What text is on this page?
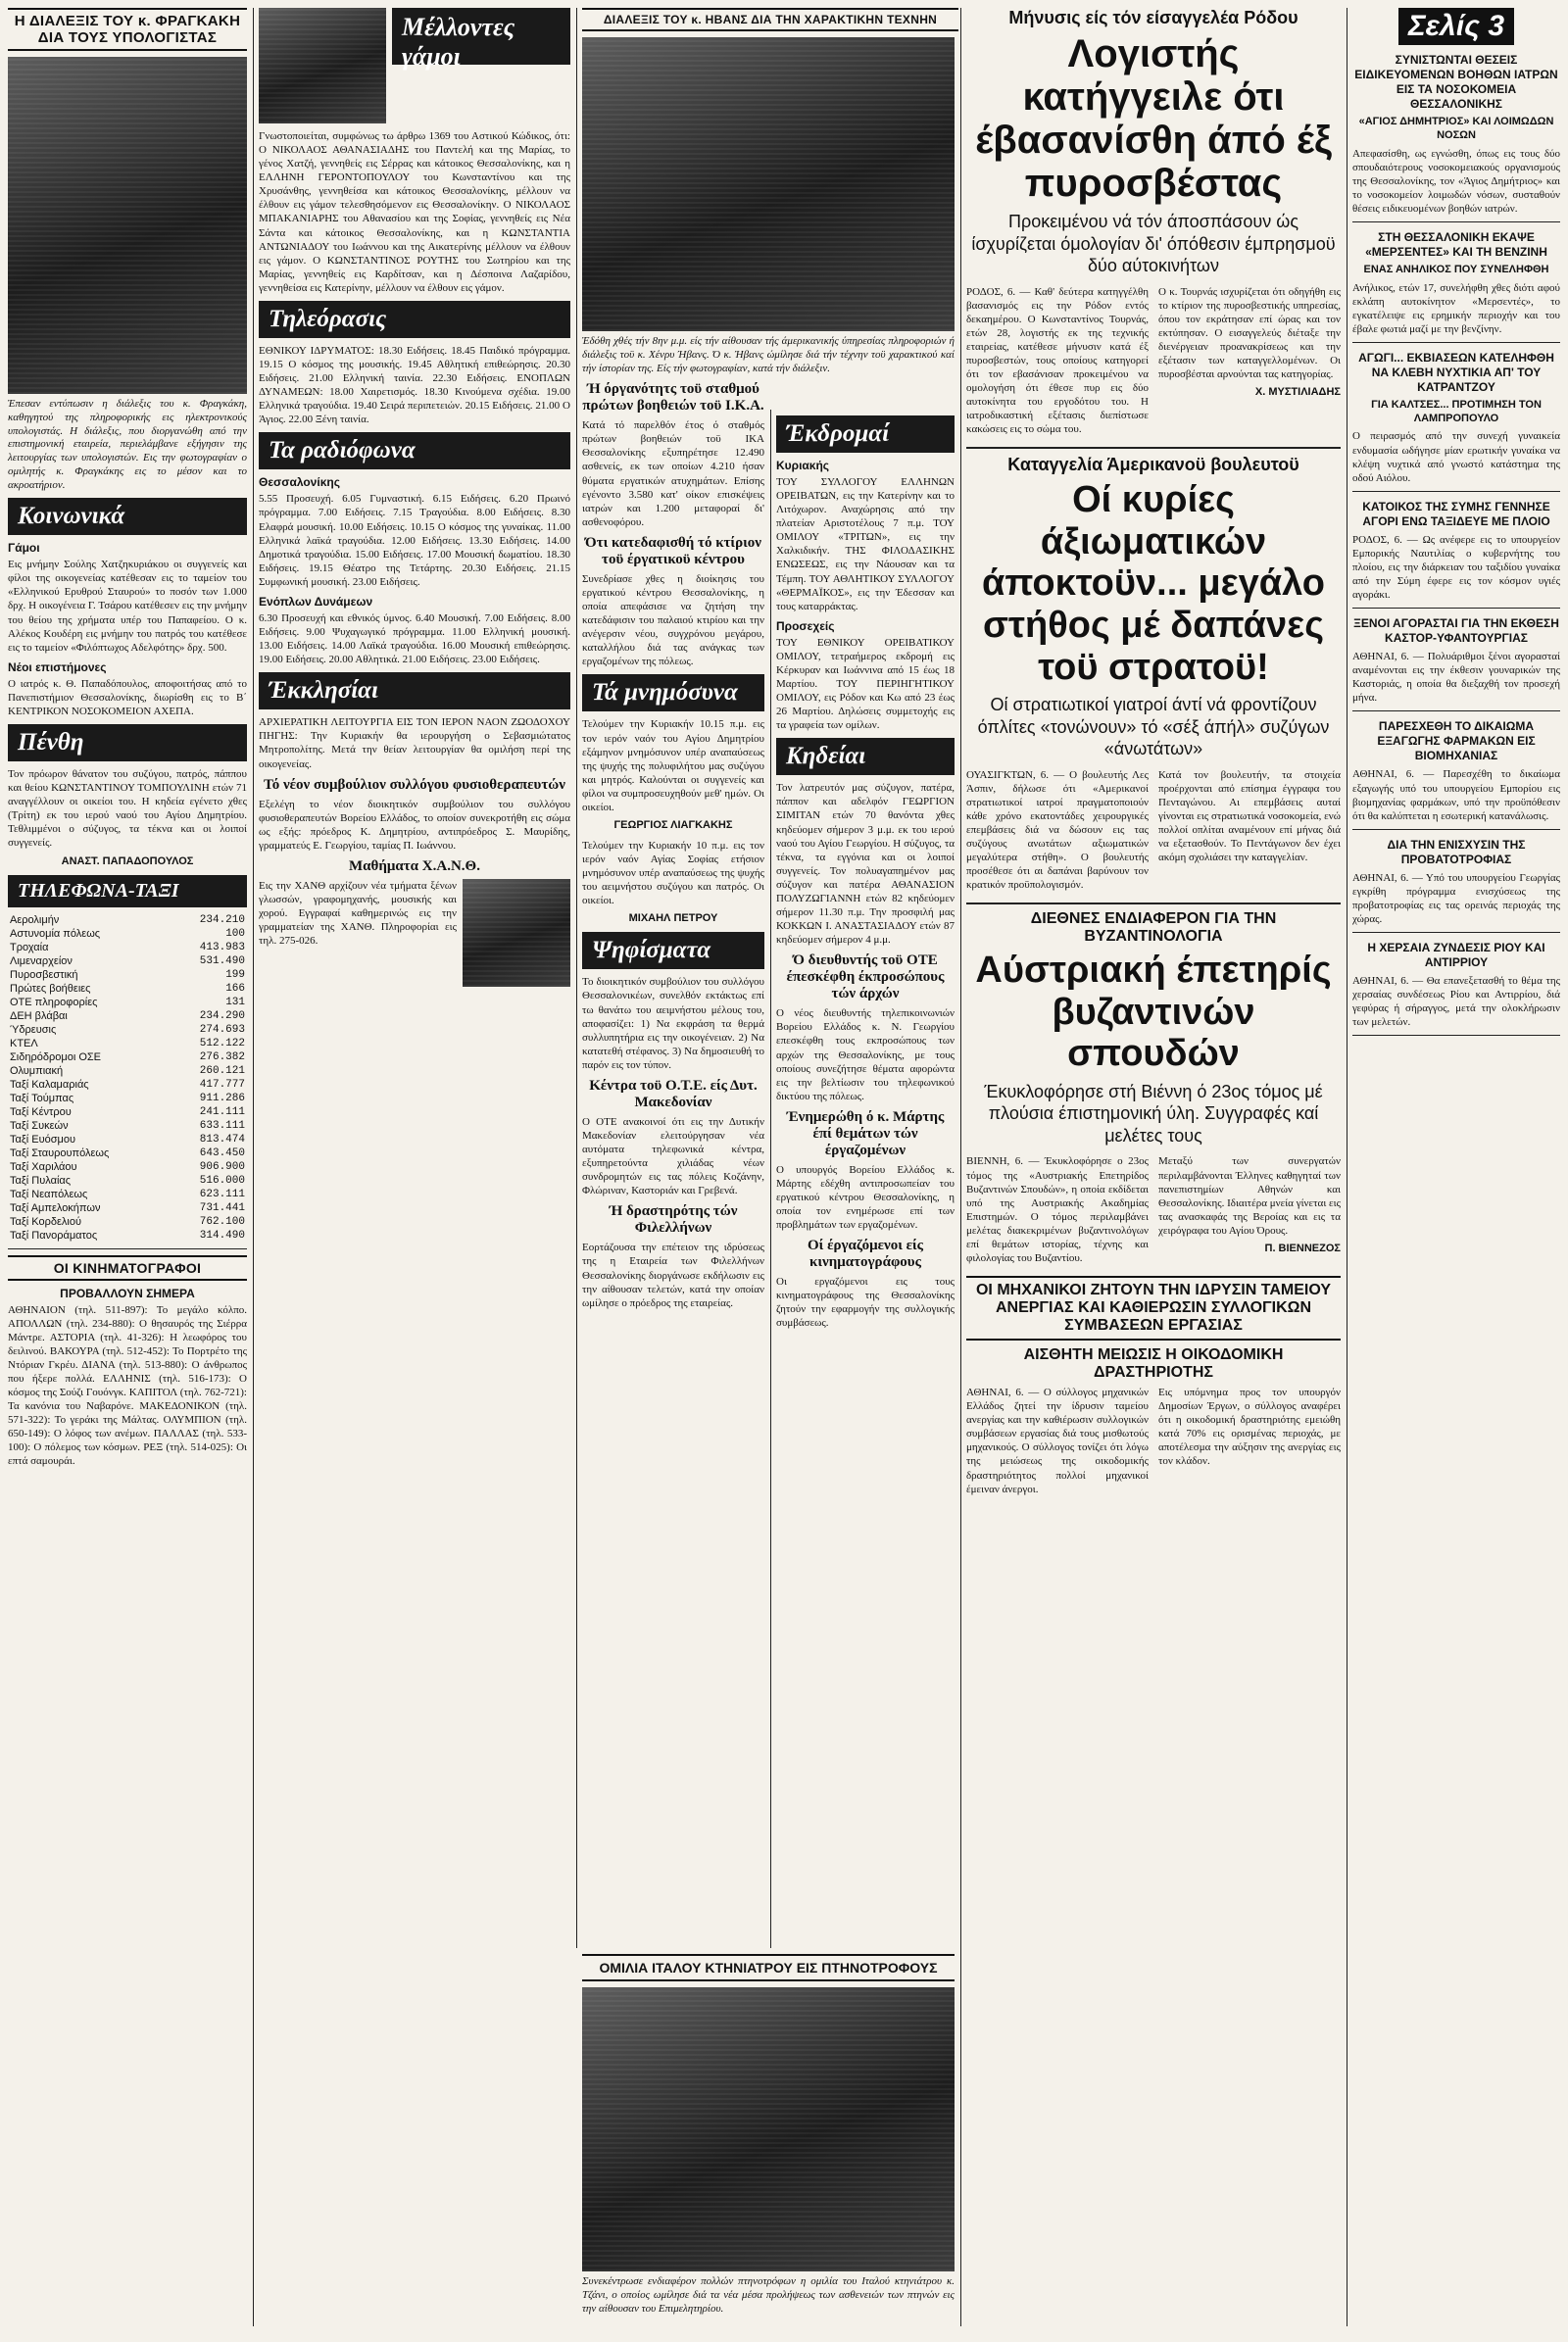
Η ΔΙΑΛΕΞΙΣ ΤΟΥ κ. ΦΡΑΓΚΑΚΗ ΔΙΑ ΤΟΥΣ ΥΠΟΛΟΓΙΣΤΑΣ

Έπεσαν εντύπωσιν η διάλεξις του κ. Φραγκάκη, καθηγητού της πληροφορικής εις ηλεκτρονικούς υπολογιστάς. Η διάλεξις, που διοργανώθη από την επιστημονική εταιρεία, περιελάμβανε εξήγησιν της λειτουργίας των υπολογιστών. Εις την φωτογραφίαν ο ομιλητής κ. Φραγκάκης εις το μέσον και το ακροατήριον.

Κοινωνικά
Γάμοι

Εις μνήμην Σούλης Χατζηκυριάκου οι συγγενείς και φίλοι της οικογενείας κατέθεσαν εις το ταμείον του «Ελληνικού Ερυθρού Σταυρού» το ποσόν των 1.000 δρχ. Η οικογένεια Γ. Τσάρου κατέθεσεν εις την μνήμην του θείου της χρήματα υπέρ του Παπαφείου. Ο κ. Αλέκος Κουδέρη εις μνήμην του πατρός του κατέθεσε εις το ταμείον «Φιλόπτωχος Αδελφότης» δρχ. 500.

Νέοι επιστήμονες

Ο ιατρός κ. Θ. Παπαδόπουλος, αποφοιτήσας από το Πανεπιστήμιον Θεσσαλονίκης, διωρίσθη εις το Β΄ ΚΕΝΤΡΙΚΟΝ ΝΟΣΟΚΟΜΕΙΟΝ ΑΧΕΠΑ.

Πένθη

Τον πρόωρον θάνατον του συζύγου, πατρός, πάππου και θείου ΚΩΝΣΤΑΝΤΙΝΟΥ ΤΟΜΠΟΥΛΙΝΗ ετών 71 αναγγέλλουν οι οικείοι του. Η κηδεία εγένετο χθες (Τρίτη) εκ του ιερού ναού του Αγίου Δημητρίου. Τεθλιμμένοι ο σύζυγος, τα τέκνα και οι λοιποί συγγενείς.

ΑΝΑΣΤ. ΠΑΠΑΔΟΠΟΥΛΟΣ
ΤΗΛΕΦΩΝΑ-ΤΑΞΙ
Αερολιμήν	234.210
Αστυνομία πόλεως	100
Τροχαία	413.983
Λιμεναρχείον	531.490
Πυροσβεστική	199
Πρώτες βοήθειες	166
ΟΤΕ πληροφορίες	131
ΔΕΗ βλάβαι	234.290
Ύδρευσις	274.693
ΚΤΕΛ	512.122
Σιδηρόδρομοι ΟΣΕ	276.382
Ολυμπιακή	260.121
Ταξί Καλαμαριάς	417.777
Ταξί Τούμπας	911.286
Ταξί Κέντρου	241.111
Ταξί Συκεών	633.111
Ταξί Ευόσμου	813.474
Ταξί Σταυρουπόλεως	643.450
Ταξί Χαριλάου	906.900
Ταξί Πυλαίας	516.000
Ταξί Νεαπόλεως	623.111
Ταξί Αμπελοκήπων	731.441
Ταξί Κορδελιού	762.100
Ταξί Πανοράματος	314.490
ΟΙ ΚΙΝΗΜΑΤΟΓΡΑΦΟΙ
ΠΡΟΒΑΛΛΟΥΝ ΣΗΜΕΡΑ

ΑΘΗΝΑΙΟΝ (τηλ. 511-897): Το μεγάλο κόλπο. ΑΠΟΛΛΩΝ (τηλ. 234-880): Ο θησαυρός της Σιέρρα Μάντρε. ΑΣΤΟΡΙΑ (τηλ. 41-326): Η λεωφόρος του δειλινού. ΒΑΚΟΥΡΑ (τηλ. 512-452): Το Πορτρέτο της Ντόριαν Γκρέυ. ΔΙΑΝΑ (τηλ. 513-880): Ο άνθρωπος που ήξερε πολλά. ΕΛΛΗΝΙΣ (τηλ. 516-173): Ο κόσμος της Σούζι Γουόνγκ. ΚΑΠΙΤΟΛ (τηλ. 762-721): Τα κανόνια του Ναβαρόνε. ΜΑΚΕΔΟΝΙΚΟΝ (τηλ. 571-322): Το γεράκι της Μάλτας. ΟΛΥΜΠΙΟΝ (τηλ. 650-149): Ο λόφος των ανέμων. ΠΑΛΛΑΣ (τηλ. 533-100): Ο πόλεμος των κόσμων. ΡΕΞ (τηλ. 514-025): Οι επτά σαμουράι.

Μέλλοντες γάμοι

Γνωστοποιείται, συμφώνως τω άρθρω 1369 του Αστικού Κώδικος, ότι: Ο ΝΙΚΟΛΑΟΣ ΑΘΑΝΑΣΙΑΔΗΣ του Παντελή και της Μαρίας, το γένος Χατζή, γεννηθείς εις Σέρρας και κάτοικος Θεσσαλονίκης, και η ΕΛΛΗΝΗ ΓΕΡΟΝΤΟΠΟΥΛΟΥ του Κωνσταντίνου και της Χρυσάνθης, γεννηθείσα και κάτοικος Θεσσαλονίκης, μέλλουν να έλθουν εις γάμον τελεσθησόμενον εις Θεσσαλονίκην. Ο ΝΙΚΟΛΑΟΣ ΜΠΑΚΑΝΙΑΡΗΣ του Αθανασίου και της Σοφίας, γεννηθείς εις Νέα Σάντα και κάτοικος Θεσσαλονίκης, και η ΚΩΝΣΤΑΝΤΙΑ ΑΝΤΩΝΙΑΔΟΥ του Ιωάννου και της Αικατερίνης μέλλουν να έλθουν εις γάμον. Ο ΚΩΝΣΤΑΝΤΙΝΟΣ ΡΟΥΤΗΣ του Σωτηρίου και της Μαρίας, γεννηθείς εις Καρδίτσαν, και η Δέσποινα Λαζαρίδου, γεννηθείσα εις Κατερίνην, μέλλουν να έλθουν εις γάμον.

Τηλεόρασις

ΕΘΝΙΚΟΥ ΙΔΡΥΜΑΤΟΣ: 18.30 Ειδήσεις. 18.45 Παιδικό πρόγραμμα. 19.15 Ο κόσμος της μουσικής. 19.45 Αθλητική επιθεώρησις. 20.30 Ειδήσεις. 21.00 Ελληνική ταινία. 22.30 Ειδήσεις. ΕΝΟΠΛΩΝ ΔΥΝΑΜΕΩΝ: 18.00 Χαιρετισμός. 18.30 Κινούμενα σχέδια. 19.00 Ελληνικά τραγούδια. 19.40 Σειρά περιπετειών. 20.15 Ειδήσεις. 21.00 Ο Άγιος. 22.00 Ξένη ταινία.

Τα ραδιόφωνα
Θεσσαλονίκης

5.55 Προσευχή. 6.05 Γυμναστική. 6.15 Ειδήσεις. 6.20 Πρωινό πρόγραμμα. 7.00 Ειδήσεις. 7.15 Τραγούδια. 8.00 Ειδήσεις. 8.30 Ελαφρά μουσική. 10.00 Ειδήσεις. 10.15 Ο κόσμος της γυναίκας. 11.00 Ελληνικά λαϊκά τραγούδια. 12.00 Ειδήσεις. 13.30 Ειδήσεις. 14.00 Δημοτικά τραγούδια. 15.00 Ειδήσεις. 17.00 Μουσική δωματίου. 18.30 Ειδήσεις. 19.15 Θέατρο της Τετάρτης. 20.30 Ειδήσεις. 21.15 Συμφωνική μουσική. 23.00 Ειδήσεις.

Ενόπλων Δυνάμεων

6.30 Προσευχή και εθνικός ύμνος. 6.40 Μουσική. 7.00 Ειδήσεις. 8.00 Ειδήσεις. 9.00 Ψυχαγωγικό πρόγραμμα. 11.00 Ελληνική μουσική. 13.00 Ειδήσεις. 14.00 Λαϊκά τραγούδια. 16.00 Μουσική επιθεώρησις. 19.00 Ειδήσεις. 20.00 Αθλητικά. 21.00 Ειδήσεις. 23.00 Ειδήσεις.

Έκκλησίαι

ΑΡΧΙΕΡΑΤΙΚΗ ΛΕΙΤΟΥΡΓΙΑ ΕΙΣ ΤΟΝ ΙΕΡΟΝ ΝΑΟΝ ΖΩΟΔΟΧΟΥ ΠΗΓΗΣ: Την Κυριακήν θα ιερουργήση ο Σεβασμιώτατος Μητροπολίτης. Μετά την θείαν λειτουργίαν θα ομιλήση περί της οικογενείας.

Τό νέον συμβούλιον συλλόγου φυσιοθεραπευτών

Εξελέγη το νέον διοικητικόν συμβούλιον του συλλόγου φυσιοθεραπευτών Βορείου Ελλάδος, το οποίον συνεκροτήθη εις σώμα ως εξής: πρόεδρος Κ. Δημητρίου, αντιπρόεδρος Σ. Μαυρίδης, γραμματεύς Ε. Γεωργίου, ταμίας Π. Ιωάννου.

Μαθήματα Χ.Α.Ν.Θ.

Εις την ΧΑΝΘ αρχίζουν νέα τμήματα ξένων γλωσσών, γραφομηχανής, μουσικής και χορού. Εγγραφαί καθημερινώς εις την γραμματείαν της ΧΑΝΘ. Πληροφορίαι εις τηλ. 275-026.

ΔΙΑΛΕΞΙΣ ΤΟΥ κ. ΗΒΑΝΣ ΔΙΑ ΤΗΝ ΧΑΡΑΚΤΙΚΗΝ ΤΕΧΝΗΝ

Έδόθη χθές τήν 8ην μ.μ. είς τήν αίθουσαν τής άμερικανικής ύπηρεσίας πληροφοριών ή διάλεξις τοϋ κ. Χένρυ Ήβανς. Ό κ. Ήβανς ώμίλησε διά τήν τέχνην τοϋ χαρακτικού καί τήν ίστορίαν της. Είς τήν φωτογραφίαν, κατά τήν διάλεξιν.

Ή όργανότητς τοϋ σταθμού πρώτων βοηθειών τοϋ Ι.Κ.Α.

Κατά τό παρελθόν έτος ό σταθμός πρώτων βοηθειών τοϋ ΙΚΑ Θεσσαλονίκης εξυπηρέτησε 12.490 ασθενείς, εκ των οποίων 4.210 ήσαν θύματα εργατικών ατυχημάτων. Επίσης εγένοντο 3.580 κατ' οίκον επισκέψεις ιατρών και 1.200 μεταφοραί δι' ασθενοφόρου.

Ότι κατεδαφισθή τό κτίριον τοϋ έργατικοϋ κέντρου

Συνεδρίασε χθες η διοίκησις του εργατικού κέντρου Θεσσαλονίκης, η οποία απεφάσισε να ζητήση την κατεδάφισιν του παλαιού κτιρίου και την ανέγερσιν νέου, συγχρόνου μεγάρου, καταλλήλου διά τας ανάγκας των εργαζομένων της πόλεως.

Τά μνημόσυνα

Τελούμεν την Κυριακήν 10.15 π.μ. εις τον ιερόν ναόν του Αγίου Δημητρίου εξάμηνον μνημόσυνον υπέρ αναπαύσεως της ψυχής της πολυφιλήτου μας συζύγου και μητρός. Καλούνται οι συγγενείς και φίλοι να συμπροσευχηθούν μεθ' ημών. Οι οικείοι.

ΓΕΩΡΓΙΟΣ ΛΙΑΓΚΑΚΗΣ

Τελούμεν την Κυριακήν 10 π.μ. εις τον ιερόν ναόν Αγίας Σοφίας ετήσιον μνημόσυνον υπέρ αναπαύσεως της ψυχής του αειμνήστου συζύγου και πατρός. Οι οικείοι.

ΜΙΧΑΗΛ ΠΕΤΡΟΥ
Ψηφίσματα

Το διοικητικόν συμβούλιον του συλλόγου Θεσσαλονικέων, συνελθόν εκτάκτως επί τω θανάτω του αειμνήστου μέλους του, αποφασίζει: 1) Να εκφράση τα θερμά συλλυπητήρια εις την οικογένειαν. 2) Να κατατεθή στέφανος. 3) Να δημοσιευθή το παρόν εις τον τύπον.

Κέντρα τοϋ Ο.Τ.Ε. είς Δυτ. Μακεδονίαν

Ο ΟΤΕ ανακοινοί ότι εις την Δυτικήν Μακεδονίαν ελειτούργησαν νέα αυτόματα τηλεφωνικά κέντρα, εξυπηρετούντα χιλιάδας νέων συνδρομητών εις τας πόλεις Κοζάνην, Φλώριναν, Καστοριάν και Γρεβενά.

Ή δραστηρότης τών Φιλελλήνων

Εορτάζουσα την επέτειον της ιδρύσεως της η Εταιρεία των Φιλελλήνων Θεσσαλονίκης διοργάνωσε εκδήλωσιν εις την αίθουσαν τελετών, κατά την οποίαν ωμίλησε ο πρόεδρος της εταιρείας.

Έκδρομαί
Κυριακής

ΤΟΥ ΣΥΛΛΟΓΟΥ ΕΛΛΗΝΩΝ ΟΡΕΙΒΑΤΩΝ, εις την Κατερίνην και το Λιτόχωρον. Αναχώρησις από την πλατείαν Αριστοτέλους 7 π.μ. ΤΟΥ ΟΜΙΛΟΥ «ΤΡΙΤΩΝ», εις την Χαλκιδικήν. ΤΗΣ ΦΙΛΟΔΑΣΙΚΗΣ ΕΝΩΣΕΩΣ, εις την Νάουσαν και τα Τέμπη. ΤΟΥ ΑΘΛΗΤΙΚΟΥ ΣΥΛΛΟΓΟΥ «ΘΕΡΜΑΪΚΟΣ», εις την Έδεσσαν και τους καταρράκτας.

Προσεχείς

ΤΟΥ ΕΘΝΙΚΟΥ ΟΡΕΙΒΑΤΙΚΟΥ ΟΜΙΛΟΥ, τετραήμερος εκδρομή εις Κέρκυραν και Ιωάννινα από 15 έως 18 Μαρτίου. ΤΟΥ ΠΕΡΙΗΓΗΤΙΚΟΥ ΟΜΙΛΟΥ, εις Ρόδον και Κω από 23 έως 26 Μαρτίου. Δηλώσεις συμμετοχής εις τα γραφεία των ομίλων.

Κηδείαι

Τον λατρευτόν μας σύζυγον, πατέρα, πάππον και αδελφόν ΓΕΩΡΓΙΟΝ ΣΙΜΙΤΑΝ ετών 70 θανόντα χθες κηδεύομεν σήμερον 3 μ.μ. εκ του ιερού ναού του Αγίου Γεωργίου. Η σύζυγος, τα τέκνα, τα εγγόνια και οι λοιποί συγγενείς. Τον πολυαγαπημένον μας σύζυγον και πατέρα ΑΘΑΝΑΣΙΟΝ ΠΟΛΥΖΩΓΙΑΝΝΗ ετών 82 κηδεύομεν σήμερον 11.30 π.μ. Την προσφιλή μας ΚΟΚΚΩΝ Ι. ΑΝΑΣΤΑΣΙΑΔΟΥ ετών 87 κηδεύομεν σήμερον 4 μ.μ.

Ό διευθυντής τοϋ ΟΤΕ έπεσκέφθη έκπροσώπους τών άρχών

Ο νέος διευθυντής τηλεπικοινωνιών Βορείου Ελλάδος κ. Ν. Γεωργίου επεσκέφθη τους εκπροσώπους των αρχών της Θεσσαλονίκης, με τους οποίους συνεζήτησε θέματα αφορώντα εις την βελτίωσιν του τηλεφωνικού δικτύου της πόλεως.

Ένημερώθη ό κ. Μάρτης έπί θεμάτων τών έργαζομένων

Ο υπουργός Βορείου Ελλάδος κ. Μάρτης εδέχθη αντιπροσωπείαν του εργατικού κέντρου Θεσσαλονίκης, η οποία τον ενημέρωσε επί των προβλημάτων των εργαζομένων.

Οί έργαζόμενοι είς κινηματογράφους

Οι εργαζόμενοι εις τους κινηματογράφους της Θεσσαλονίκης ζητούν την εφαρμογήν της συλλογικής συμβάσεως.

ΟΜΙΛΙΑ ΙΤΑΛΟΥ ΚΤΗΝΙΑΤΡΟΥ ΕΙΣ ΠΤΗΝΟΤΡΟΦΟΥΣ

Συνεκέντρωσε ενδιαφέρον πολλών πτηνοτρόφων η ομιλία του Ιταλού κτηνιάτρου κ. Τζάνι, ο οποίος ωμίλησε διά τα νέα μέσα προλήψεως των ασθενειών των πτηνών εις την αίθουσαν του Επιμελητηρίου.

Μήνυσις είς τόν είσαγγελέα Ρόδου
Λογιστής κατήγγειλε ότι έβασανίσθη άπό έξ πυροσβέστας
Προκειμένου νά τόν άποσπάσουν ώς ίσχυρίζεται όμολογίαν δι' όπόθεσιν έμπρησμοϋ δύο αύτοκινήτων

ΡΟΔΟΣ, 6. — Καθ' δεύτερα κατηγγέλθη βασανισμός εις την Ρόδον εντός δεκαημέρου. Ο Κωνσταντίνος Τουρνάς, ετών 28, λογιστής εκ της τεχνικής εταιρείας, κατέθεσε μήνυσιν κατά έξ πυροσβεστών, τους οποίους κατηγορεί ότι τον εβασάνισαν προκειμένου να ομολογήση ότι έθεσε πυρ εις δύο αυτοκίνητα του εργοδότου του. Η ιατροδικαστική εξέτασις διεπίστωσε κακώσεις εις το σώμα του.

Ο κ. Τουρνάς ισχυρίζεται ότι οδηγήθη εις το κτίριον της πυροσβεστικής υπηρεσίας, όπου τον εκράτησαν επί ώρας και τον εκτύπησαν. Ο εισαγγελεύς διέταξε την διενέργειαν προανακρίσεως και την εξέτασιν των καταγγελλομένων. Οι πυροσβέσται αρνούνται τας κατηγορίας.

Χ. ΜΥΣΤΙΛΙΑΔΗΣ
Καταγγελία Άμερικανοϋ βουλευτοϋ
Οί κυρίες άξιωματικών άποκτοϋν... μεγάλο στήθος μέ δαπάνες τοϋ στρατοϋ!
Οί στρατιωτικοί γιατροί άντί νά φροντίζουν όπλίτες «τονώνουν» τό «σέξ άπήλ» συζύγων «άνωτάτων»

ΟΥΑΣΙΓΚΤΩΝ, 6. — Ο βουλευτής Λες Άσπιν, δήλωσε ότι «Αμερικανοί στρατιωτικοί ιατροί πραγματοποιούν κάθε χρόνο εκατοντάδες χειρουργικές επεμβάσεις διά να δώσουν εις τας συζύγους ανωτάτων αξιωματικών μεγαλύτερα στήθη». Ο βουλευτής προσέθεσε ότι αι δαπάναι βαρύνουν τον κρατικόν προϋπολογισμόν.

Κατά τον βουλευτήν, τα στοιχεία προέρχονται από επίσημα έγγραφα του Πενταγώνου. Αι επεμβάσεις αυταί γίνονται εις στρατιωτικά νοσοκομεία, ενώ πολλοί οπλίται αναμένουν επί μήνας διά να εξετασθούν. Το Πεντάγωνον δεν έχει ακόμη σχολιάσει την καταγγελίαν.

ΔΙΕΘΝΕΣ ΕΝΔΙΑΦΕΡΟΝ ΓΙΑ ΤΗΝ ΒΥΖΑΝΤΙΝΟΛΟΓΙΑ
Αύστριακή έπετηρίς βυζαντινών σπουδών
Έκυκλοφόρησε στή Βιέννη ό 23ος τόμος μέ πλούσια έπιστημονική ύλη. Συγγραφές καί μελέτες τους

ΒΙΕΝΝΗ, 6. — Έκυκλοφόρησε ο 23ος τόμος της «Αυστριακής Επετηρίδος Βυζαντινών Σπουδών», η οποία εκδίδεται υπό της Αυστριακής Ακαδημίας Επιστημών. Ο τόμος περιλαμβάνει μελέτας διακεκριμένων βυζαντινολόγων επί θεμάτων ιστορίας, τέχνης και φιλολογίας του Βυζαντίου.

Μεταξύ των συνεργατών περιλαμβάνονται Έλληνες καθηγηταί των πανεπιστημίων Αθηνών και Θεσσαλονίκης. Ιδιαιτέρα μνεία γίνεται εις τας ανασκαφάς της Βεροίας και εις τα χειρόγραφα του Αγίου Όρους.

Π. ΒΙΕΝΝΕΖΟΣ
ΟΙ ΜΗΧΑΝΙΚΟΙ ΖΗΤΟΥΝ ΤΗΝ ΙΔΡΥΣΙΝ ΤΑΜΕΙΟΥ ΑΝΕΡΓΙΑΣ ΚΑΙ ΚΑΘΙΕΡΩΣΙΝ ΣΥΛΛΟΓΙΚΩΝ ΣΥΜΒΑΣΕΩΝ ΕΡΓΑΣΙΑΣ
ΑΙΣΘΗΤΗ ΜΕΙΩΣΙΣ Η ΟΙΚΟΔΟΜΙΚΗ ΔΡΑΣΤΗΡΙΟΤΗΣ

ΑΘΗΝΑΙ, 6. — Ο σύλλογος μηχανικών Ελλάδος ζητεί την ίδρυσιν ταμείου ανεργίας και την καθιέρωσιν συλλογικών συμβάσεων εργασίας διά τους μισθωτούς μηχανικούς. Ο σύλλογος τονίζει ότι λόγω της μειώσεως της οικοδομικής δραστηριότητος πολλοί μηχανικοί έμειναν άνεργοι.

Εις υπόμνημα προς τον υπουργόν Δημοσίων Έργων, ο σύλλογος αναφέρει ότι η οικοδομική δραστηριότης εμειώθη κατά 70% εις ορισμένας περιοχάς, με αποτέλεσμα την αύξησιν της ανεργίας εις τον κλάδον.

Σελίς 3
ΣΥΝΙΣΤΩΝΤΑΙ ΘΕΣΕΙΣ ΕΙΔΙΚΕΥΟΜΕΝΩΝ ΒΟΗΘΩΝ ΙΑΤΡΩΝ ΕΙΣ ΤΑ ΝΟΣΟΚΟΜΕΙΑ ΘΕΣΣΑΛΟΝΙΚΗΣ
«ΑΓΙΟΣ ΔΗΜΗΤΡΙΟΣ» ΚΑΙ ΛΟΙΜΩΔΩΝ ΝΟΣΩΝ

Απεφασίσθη, ως εγνώσθη, όπως εις τους δύο σπουδαιότερους νοσοκομειακούς οργανισμούς της Θεσσαλονίκης, τον «Άγιος Δημήτριος» και το νοσοκομείον λοιμωδών νόσων, συσταθούν θέσεις ειδικευομένων βοηθών ιατρών.

ΣΤΗ ΘΕΣΣΑΛΟΝΙΚΗ ΕΚΑΨΕ «ΜΕΡΣΕΝΤΕΣ» ΚΑΙ ΤΗ ΒΕΝΖΙΝΗ
ΕΝΑΣ ΑΝΗΛΙΚΟΣ ΠΟΥ ΣΥΝΕΛΗΦΘΗ

Ανήλικος, ετών 17, συνελήφθη χθες διότι αφού εκλάπη αυτοκίνητον «Μερσεντές», το εγκατέλειψε εις ερημικήν περιοχήν και του έβαλε φωτιά μαζί με την βενζίνην.

ΑΓΩΓΙ... ΕΚΒΙΑΣΕΩΝ ΚΑΤΕΛΗΦΘΗ ΝΑ ΚΛΕΒΗ ΝΥΧΤΙΚΙΑ ΑΠ' ΤΟΥ ΚΑΤΡΑΝΤΖΟΥ
ΓΙΑ ΚΑΛΤΣΕΣ... ΠΡΟΤΙΜΗΣΗ ΤΟΝ ΛΑΜΠΡΟΠΟΥΛΟ

Ο πειρασμός από την συνεχή γυναικεία ενδυμασία ωδήγησε μίαν ερωτικήν γυναίκα να κλέψη νυχτικά από γνωστό κατάστημα της οδού Αιόλου.

ΚΑΤΟΙΚΟΣ ΤΗΣ ΣΥΜΗΣ ΓΕΝΝΗΣΕ ΑΓΟΡΙ ΕΝΩ ΤΑΞΙΔΕΥΕ ΜΕ ΠΛΟΙΟ

ΡΟΔΟΣ, 6. — Ως ανέφερε εις το υπουργείον Εμπορικής Ναυτιλίας ο κυβερνήτης του πλοίου, εις την διάρκειαν του ταξιδίου γυναίκα από την Σύμη έφερε εις τον κόσμον υγιές αγοράκι.

ΞΕΝΟΙ ΑΓΟΡΑΣΤΑΙ ΓΙΑ ΤΗΝ ΕΚΘΕΣΗ ΚΑΣΤΟΡ-ΥΦΑΝΤΟΥΡΓΙΑΣ

ΑΘΗΝΑΙ, 6. — Πολυάριθμοι ξένοι αγορασταί αναμένονται εις την έκθεσιν γουναρικών της Καστοριάς, η οποία θα διεξαχθή τον προσεχή μήνα.

ΠΑΡΕΣΧΕΘΗ ΤΟ ΔΙΚΑΙΩΜΑ ΕΞΑΓΩΓΗΣ ΦΑΡΜΑΚΩΝ ΕΙΣ ΒΙΟΜΗΧΑΝΙΑΣ

ΑΘΗΝΑΙ, 6. — Παρεσχέθη το δικαίωμα εξαγωγής υπό του υπουργείου Εμπορίου εις βιομηχανίας φαρμάκων, υπό την προϋπόθεσιν ότι θα καλύπτεται η εσωτερική κατανάλωσις.

ΔΙΑ ΤΗΝ ΕΝΙΣΧΥΣΙΝ ΤΗΣ ΠΡΟΒΑΤΟΤΡΟΦΙΑΣ

ΑΘΗΝΑΙ, 6. — Υπό του υπουργείου Γεωργίας εγκρίθη πρόγραμμα ενισχύσεως της προβατοτροφίας εις τας ορεινάς περιοχάς της χώρας.

Η ΧΕΡΣΑΙΑ ΖΥΝΔΕΣΙΣ ΡΙΟΥ ΚΑΙ ΑΝΤΙΡΡΙΟΥ

ΑΘΗΝΑΙ, 6. — Θα επανεξετασθή το θέμα της χερσαίας συνδέσεως Ρίου και Αντιρρίου, διά γεφύρας ή σήραγγος, μετά την ολοκλήρωσιν των μελετών.
